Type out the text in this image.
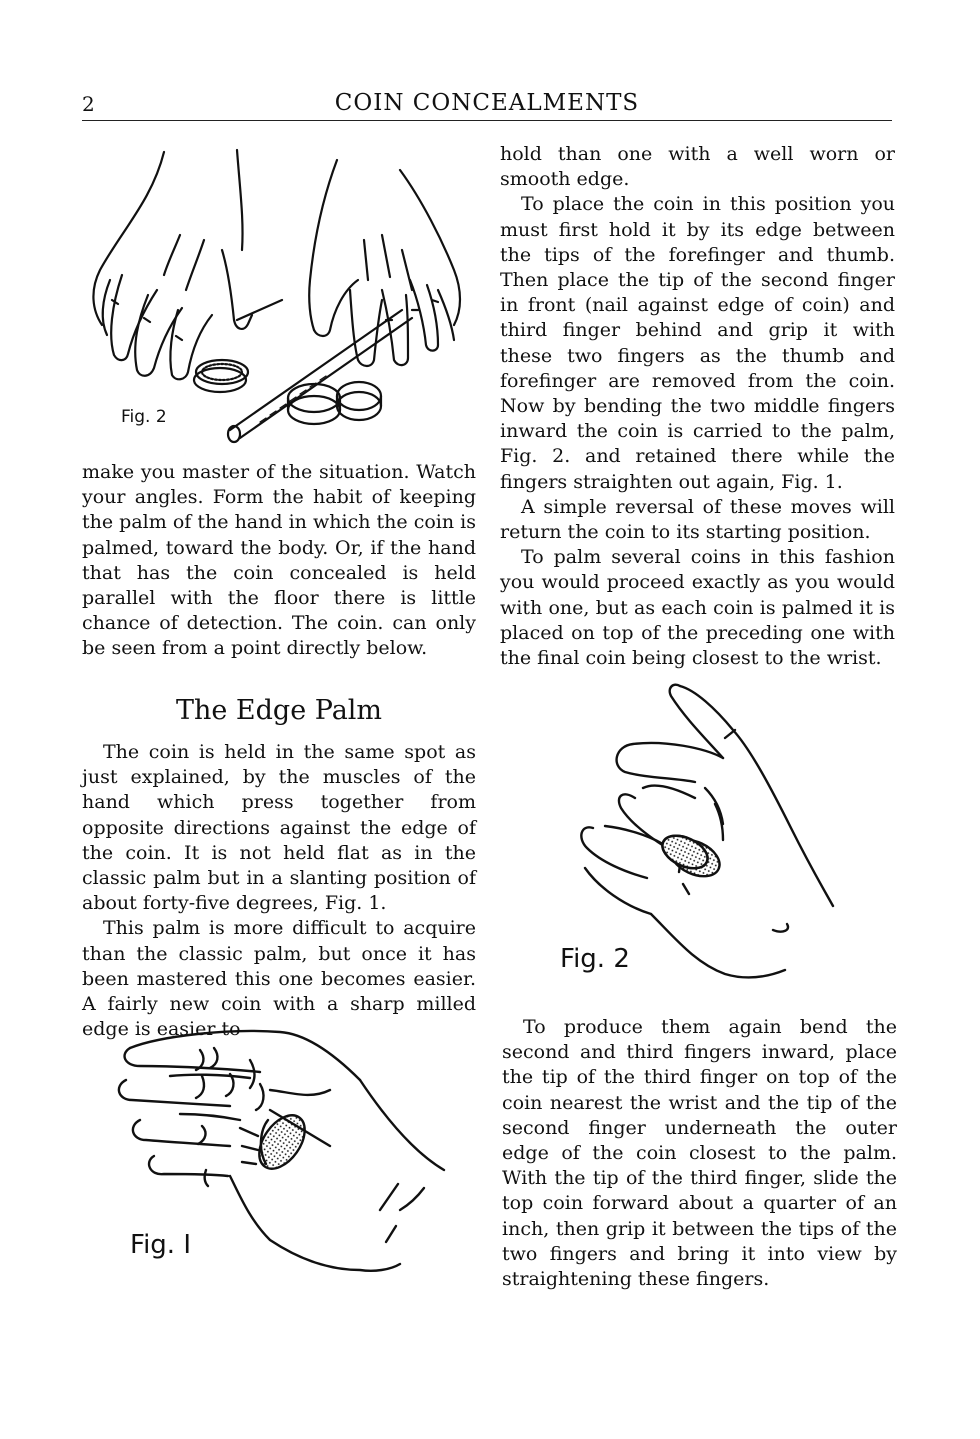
2	COIN CONCEALMENTS
Fig. 2

make you master of the situation. Watch your angles. Form the habit of keeping the palm of the hand in which the coin is palmed, toward the body. Or, if the hand that has the coin concealed is held parallel with the floor there is little chance of detection. The coin. can only be seen from a point directly below.

The Edge Palm

The coin is held in the same spot as just explained, by the muscles of the hand which press together from opposite directions against the edge of the coin. It is not held flat as in the classic palm but in a slanting position of about forty-five degrees, Fig. 1.

This palm is more difficult to acquire than the classic palm, but once it has been mastered this one becomes easier. A fairly new coin with a sharp milled edge is easier to

hold than one with a well worn or smooth edge.

To place the coin in this position you must first hold it by its edge between the tips of the forefinger and thumb. Then place the tip of the second finger in front (nail against edge of coin) and third finger behind and grip it with these two fingers as the thumb and forefinger are removed from the coin. Now by bending the two middle fingers inward the coin is carried to the palm, Fig. 2. and retained there while the fingers straighten out again, Fig. 1.

A simple reversal of these moves will return the coin to its starting position.

To palm several coins in this fashion you would proceed exactly as you would with one, but as each coin is palmed it is placed on top of the preceding one with the final coin being closest to the wrist.

Fig. 2
Fig. I

To produce them again bend the second and third fingers inward, place the tip of the third finger on top of the coin nearest the wrist and the tip of the second finger underneath the outer edge of the coin closest to the palm. With the tip of the third finger, slide the top coin forward about a quarter of an inch, then grip it between the tips of the two fingers and bring it into view by straightening these fingers.
